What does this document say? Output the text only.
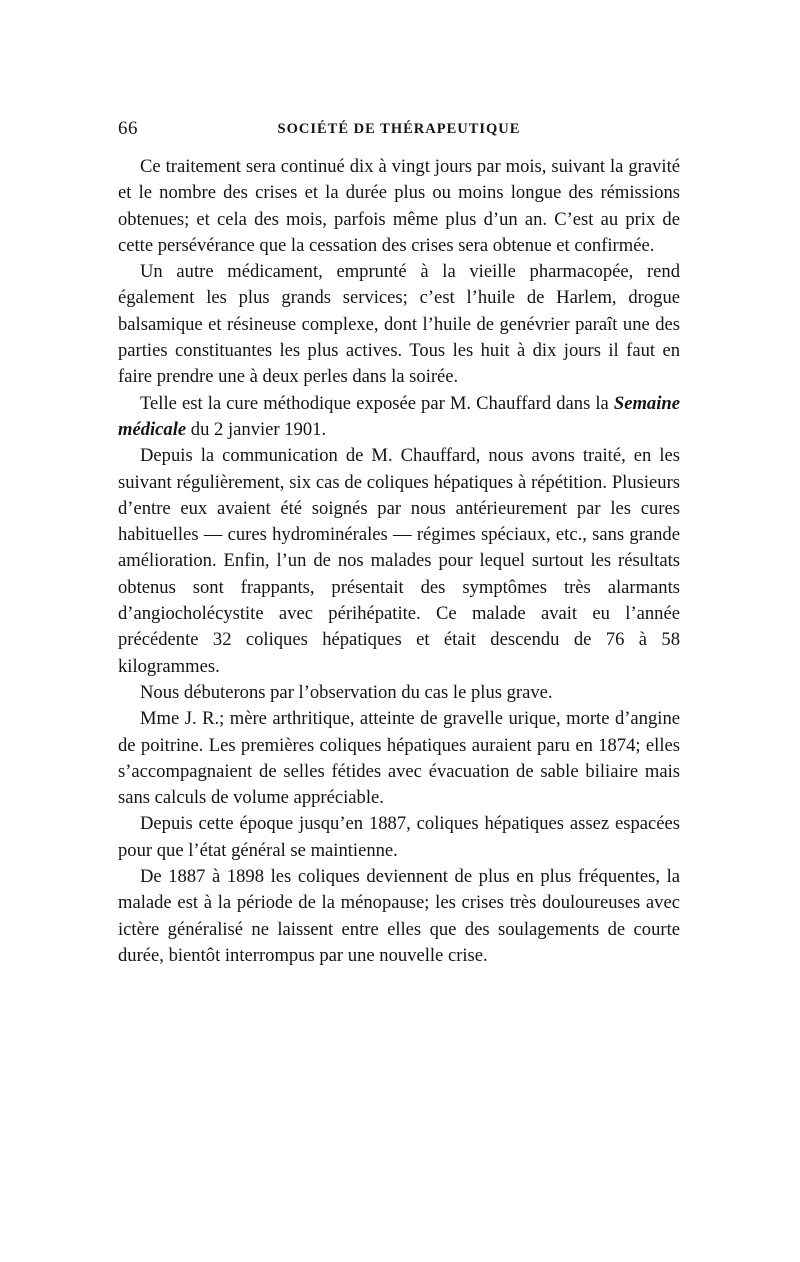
66	SOCIÉTÉ DE THÉRAPEUTIQUE

Ce traitement sera continué dix à vingt jours par mois, suivant la gravité et le nombre des crises et la durée plus ou moins longue des rémissions obtenues; et cela des mois, parfois même plus d’un an. C’est au prix de cette persévérance que la cessation des crises sera obtenue et confirmée.

Un autre médicament, emprunté à la vieille pharmacopée, rend également les plus grands services; c’est l’huile de Harlem, drogue balsamique et résineuse complexe, dont l’huile de genévrier paraît une des parties constituantes les plus actives. Tous les huit à dix jours il faut en faire prendre une à deux perles dans la soirée.

Telle est la cure méthodique exposée par M. Chauffard dans la Semaine médicale du 2 janvier 1901.

Depuis la communication de M. Chauffard, nous avons traité, en les suivant régulièrement, six cas de coliques hépatiques à répétition. Plusieurs d’entre eux avaient été soignés par nous antérieurement par les cures habituelles — cures hydrominérales — régimes spéciaux, etc., sans grande amélioration. Enfin, l’un de nos malades pour lequel surtout les résultats obtenus sont frappants, présentait des symptômes très alarmants d’angiocholécystite avec périhépatite. Ce malade avait eu l’année précédente 32 coliques hépatiques et était descendu de 76 à 58 kilogrammes.

Nous débuterons par l’observation du cas le plus grave.

Mme J. R.; mère arthritique, atteinte de gravelle urique, morte d’angine de poitrine. Les premières coliques hépatiques auraient paru en 1874; elles s’accompagnaient de selles fétides avec évacuation de sable biliaire mais sans calculs de volume appréciable.

Depuis cette époque jusqu’en 1887, coliques hépatiques assez espacées pour que l’état général se maintienne.

De 1887 à 1898 les coliques deviennent de plus en plus fréquentes, la malade est à la période de la ménopause; les crises très douloureuses avec ictère généralisé ne laissent entre elles que des soulagements de courte durée, bientôt interrompus par une nouvelle crise.
